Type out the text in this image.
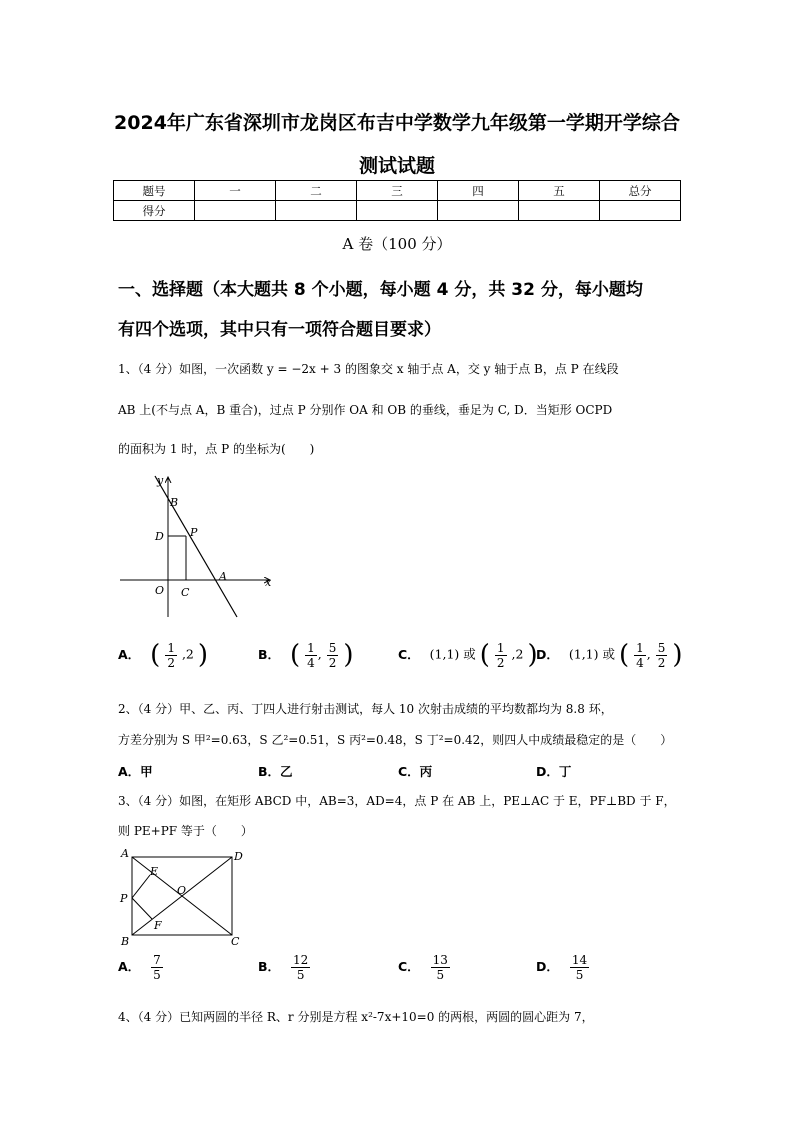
2024年广东省深圳市龙岗区布吉中学数学九年级第一学期开学综合
测试试题
题号	一	二	三	四	五	总分
得分						
A 卷（100 分）
一、选择题（本大题共 8 个小题，每小题 4 分，共 32 分，每小题均
有四个选项，其中只有一项符合题目要求）
1、（4 分）如图，一次函数 y = −2x + 3 的图象交 x 轴于点 A，交 y 轴于点 B，点 P 在线段
AB 上(不与点 A，B 重合)，过点 P 分别作 OA 和 OB 的垂线，垂足为 C, D．当矩形 OCPD
的面积为 1 时，点 P 的坐标为(　　)
y
x
B
D P
A
O C
A． ( $\frac{1}{2} ,2$ )	B． ( $\frac{1}{4}$ , $\frac{5}{2}$ )	C． (1,1) 或 ( $\frac{1}{2} ,2$ )
D． (1,1) 或 ( $\frac{1}{4}$ , $\frac{5}{2}$ )
2、（4 分）甲、乙、丙、丁四人进行射击测试，每人 10 次射击成绩的平均数都均为 8.8 环，
方差分别为 S 甲²=0.63，S 乙²=0.51，S 丙²=0.48，S 丁²=0.42，则四人中成绩最稳定的是（　　）
A．甲	B．乙	C．丙	D．丁
3、（4 分）如图，在矩形 ABCD 中，AB=3，AD=4，点 P 在 AB 上，PE⊥AC 于 E，PF⊥BD 于 F，
则 PE+PF 等于（　　）
A	D
E
O
P
F
B	C
A． $\frac{7}{5}$	B． $\frac{12}{5}$	C． $\frac{13}{5}$	D． $\frac{14}{5}$
4、（4 分）已知两圆的半径 R、r 分别是方程 x²-7x+10=0 的两根，两圆的圆心距为 7，
